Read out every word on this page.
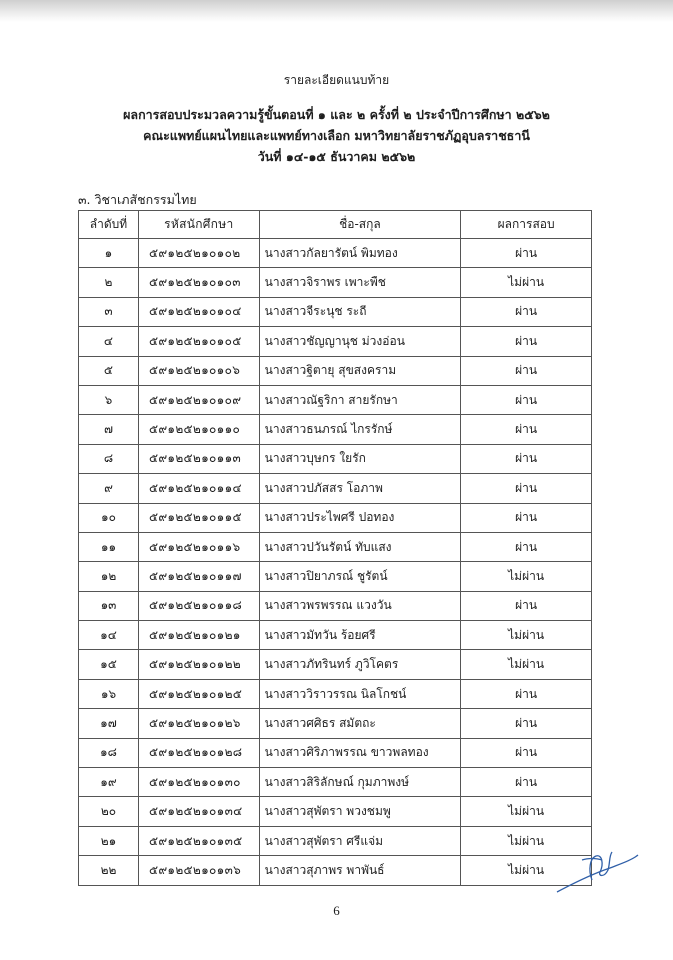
รายละเอียดแนบท้าย
ผลการสอบประมวลความรู้ขั้นตอนที่ ๑ และ ๒ ครั้งที่ ๒ ประจำปีการศึกษา ๒๕๖๒
คณะแพทย์แผนไทยและแพทย์ทางเลือก มหาวิทยาลัยราชภัฏอุบลราชธานี
วันที่ ๑๔-๑๕ ธันวาคม ๒๕๖๒
๓. วิชาเภสัชกรรมไทย
ลำดับที่	รหัสนักศึกษา	ชื่อ-สกุล	ผลการสอบ
๑	๕๙๑๒๕๒๑๐๑๐๒	นางสาวกัลยารัตน์ พิมทอง	ผ่าน
๒	๕๙๑๒๕๒๑๐๑๐๓	นางสาวจิราพร เพาะพืช	ไม่ผ่าน
๓	๕๙๑๒๕๒๑๐๑๐๔	นางสาวจีระนุช ระถี	ผ่าน
๔	๕๙๑๒๕๒๑๐๑๐๕	นางสาวชัญญานุช ม่วงอ่อน	ผ่าน
๕	๕๙๑๒๕๒๑๐๑๐๖	นางสาวฐิตายุ สุขสงคราม	ผ่าน
๖	๕๙๑๒๕๒๑๐๑๐๙	นางสาวณัฐริกา สายรักษา	ผ่าน
๗	๕๙๑๒๕๒๑๐๑๑๐	นางสาวธนภรณ์ ไกรรักษ์	ผ่าน
๘	๕๙๑๒๕๒๑๐๑๑๓	นางสาวบุษกร ใยรัก	ผ่าน
๙	๕๙๑๒๕๒๑๐๑๑๔	นางสาวปภัสสร โอภาพ	ผ่าน
๑๐	๕๙๑๒๕๒๑๐๑๑๕	นางสาวประไพศรี ปอทอง	ผ่าน
๑๑	๕๙๑๒๕๒๑๐๑๑๖	นางสาวปวันรัตน์ ทับแสง	ผ่าน
๑๒	๕๙๑๒๕๒๑๐๑๑๗	นางสาวปิยาภรณ์ ชูรัตน์	ไม่ผ่าน
๑๓	๕๙๑๒๕๒๑๐๑๑๘	นางสาวพรพรรณ แวงวัน	ผ่าน
๑๔	๕๙๑๒๕๒๑๐๑๒๑	นางสาวมัทวัน ร้อยศรี	ไม่ผ่าน
๑๕	๕๙๑๒๕๒๑๐๑๒๒	นางสาวภัทรินทร์ ภูวิโคตร	ไม่ผ่าน
๑๖	๕๙๑๒๕๒๑๐๑๒๕	นางสาววิราวรรณ นิลโกชน์	ผ่าน
๑๗	๕๙๑๒๕๒๑๐๑๒๖	นางสาวศศิธร สมัตถะ	ผ่าน
๑๘	๕๙๑๒๕๒๑๐๑๒๘	นางสาวศิริภาพรรณ ขาวพลทอง	ผ่าน
๑๙	๕๙๑๒๕๒๑๐๑๓๐	นางสาวสิริลักษณ์ กุมภาพงษ์	ผ่าน
๒๐	๕๙๑๒๕๒๑๐๑๓๔	นางสาวสุพัตรา พวงชมพู	ไม่ผ่าน
๒๑	๕๙๑๒๕๒๑๐๑๓๕	นางสาวสุพัตรา ศรีแจ่ม	ไม่ผ่าน
๒๒	๕๙๑๒๕๒๑๐๑๓๖	นางสาวสุภาพร พาพันธ์	ไม่ผ่าน
6
